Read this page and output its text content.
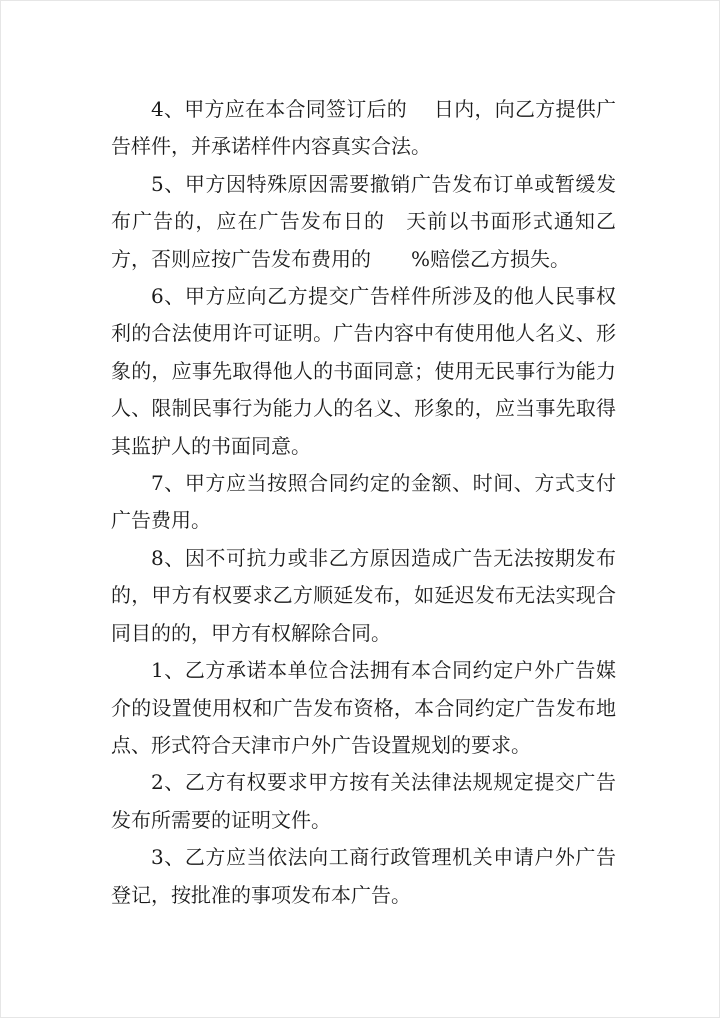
4、甲方应在本合同签订后的　 日内，向乙方提供广告样件，并承诺样件内容真实合法。

5、甲方因特殊原因需要撤销广告发布订单或暂缓发布广告的，应在广告发布日的　天前以书面形式通知乙方，否则应按广告发布费用的　　%赔偿乙方损失。

6、甲方应向乙方提交广告样件所涉及的他人民事权利的合法使用许可证明。广告内容中有使用他人名义、形象的，应事先取得他人的书面同意；使用无民事行为能力人、限制民事行为能力人的名义、形象的，应当事先取得其监护人的书面同意。

7、甲方应当按照合同约定的金额、时间、方式支付广告费用。

8、因不可抗力或非乙方原因造成广告无法按期发布的，甲方有权要求乙方顺延发布，如延迟发布无法实现合同目的的，甲方有权解除合同。

1、乙方承诺本单位合法拥有本合同约定户外广告媒介的设置使用权和广告发布资格，本合同约定广告发布地点、形式符合天津市户外广告设置规划的要求。

2、乙方有权要求甲方按有关法律法规规定提交广告发布所需要的证明文件。

3、乙方应当依法向工商行政管理机关申请户外广告登记，按批准的事项发布本广告。
